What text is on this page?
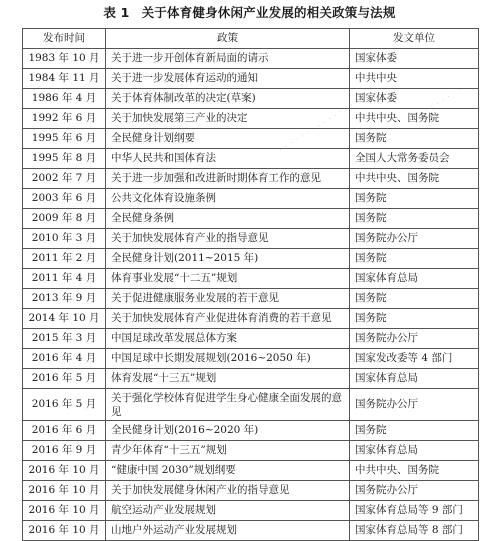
表 1 关于体育健身休闲产业发展的相关政策与法规
· · · · · · · · · · · · · · ·	· · · · · · · ·
发布时间	政策	发文单位
1983 年 10 月	关于进一步开创体育新局面的请示	国家体委
1984 年 11 月	关于进一步发展体育运动的通知	中共中央
1986 年 4 月	关于体育体制改革的决定(草案)	国家体委
1992 年 6 月	关于加快发展第三产业的决定	中共中央、国务院
1995 年 6 月	全民健身计划纲要	国务院
1995 年 8 月	中华人民共和国体育法	全国人大常务委员会
2002 年 7 月	关于进一步加强和改进新时期体育工作的意见	中共中央、国务院
2003 年 6 月	公共文化体育设施条例	国务院
2009 年 8 月	全民健身条例	国务院
2010 年 3 月	关于加快发展体育产业的指导意见	国务院办公厅
2011 年 2 月	全民健身计划(2011~2015 年)	国务院
2011 年 4 月	体育事业发展“十二五”规划	国家体育总局
2013 年 9 月	关于促进健康服务业发展的若干意见	国务院
2014 年 10 月	关于加快发展体育产业促进体育消费的若干意见	国务院
2015 年 3 月	中国足球改革发展总体方案	国务院办公厅
2016 年 4 月	中国足球中长期发展规划(2016~2050 年)	国家发改委等 4 部门
2016 年 5 月	体育发展“十三五”规划	国家体育总局
2016 年 5 月	关于强化学校体育促进学生身心健康全面发展的意见	国务院办公厅
2016 年 6 月	全民健身计划(2016~2020 年)	国务院
2016 年 9 月	青少年体育“十三五”规划	国家体育总局
2016 年 10 月	“健康中国 2030”规划纲要	中共中央、国务院
2016 年 10 月	关于加快发展健身休闲产业的指导意见	国务院办公厅
2016 年 10 月	航空运动产业发展规划	国家体育总局等 9 部门
2016 年 10 月	山地户外运动产业发展规划	国家体育总局等 8 部门
